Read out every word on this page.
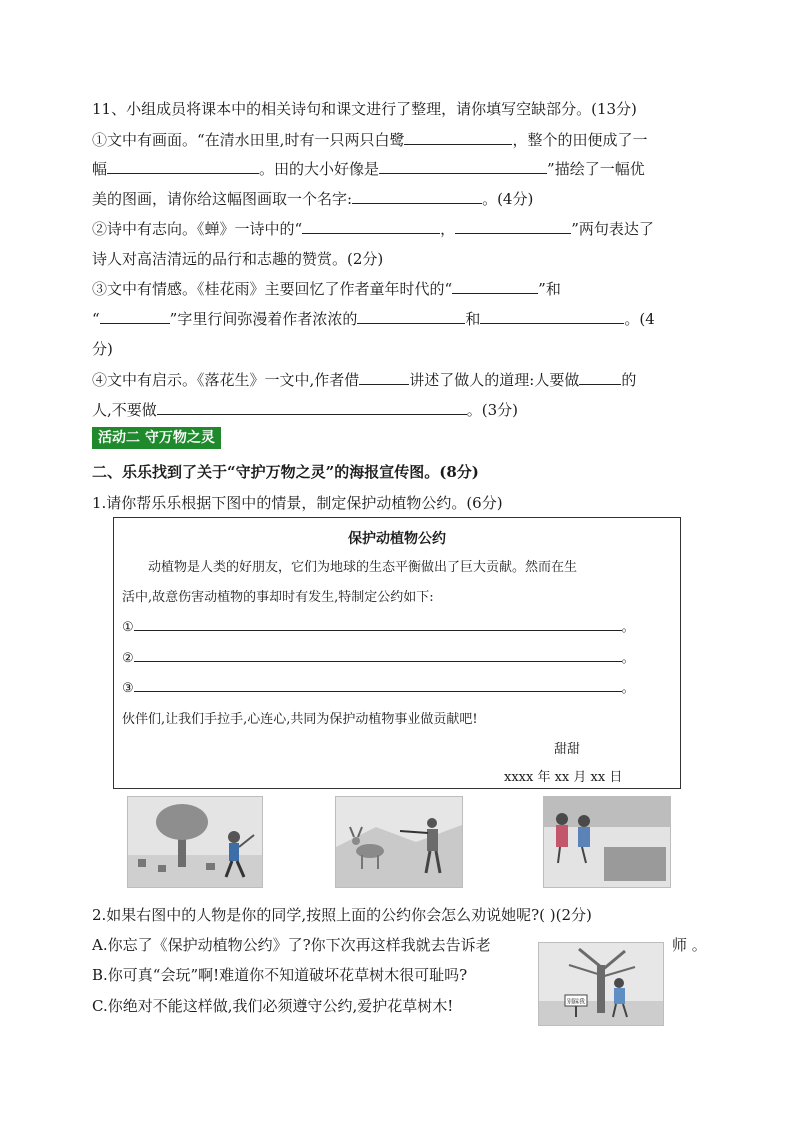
11、小组成员将课本中的相关诗句和课文进行了整理，请你填写空缺部分。(13分)
①文中有画面。“在清水田里,时有一只两只白鹭	，整个的田便成了一
幅	。田的大小好像是	”描绘了一幅优
美的图画，请你给这幅图画取一个名字:	。(4分)
②诗中有志向。《蝉》一诗中的“	，	”两句表达了
诗人对高洁清远的品行和志趣的赞赏。(2分)
③文中有情感。《桂花雨》主要回忆了作者童年时代的“	”和
“	”字里行间弥漫着作者浓浓的	和	。(4
分)
④文中有启示。《落花生》一文中,作者借	讲述了做人的道理:人要做	的
人,不要做	。(3分)
活动二 守万物之灵
二、乐乐找到了关于“守护万物之灵”的海报宣传图。(8分)
1.请你帮乐乐根据下图中的情景，制定保护动植物公约。(6分)
保护动植物公约
动植物是人类的好朋友，它们为地球的生态平衡做出了巨大贡献。然而在生
活中,故意伤害动植物的事却时有发生,特制定公约如下:
①	。
②	。
③	。
伙伴们,让我们手拉手,心连心,共同为保护动植物事业做贡献吧!
甜甜
xxxx 年 xx 月 xx 日
2.如果右图中的人物是你的同学,按照上面的公约你会怎么劝说她呢?( )(2分)
A.你忘了《保护动植物公约》了?你下次再这样我就去告诉老	师 。
B.你可真“会玩”啊!难道你不知道破坏花草树木很可耻吗?
C.你绝对不能这样做,我们必须遵守公约,爱护花草树木!	别踩我
